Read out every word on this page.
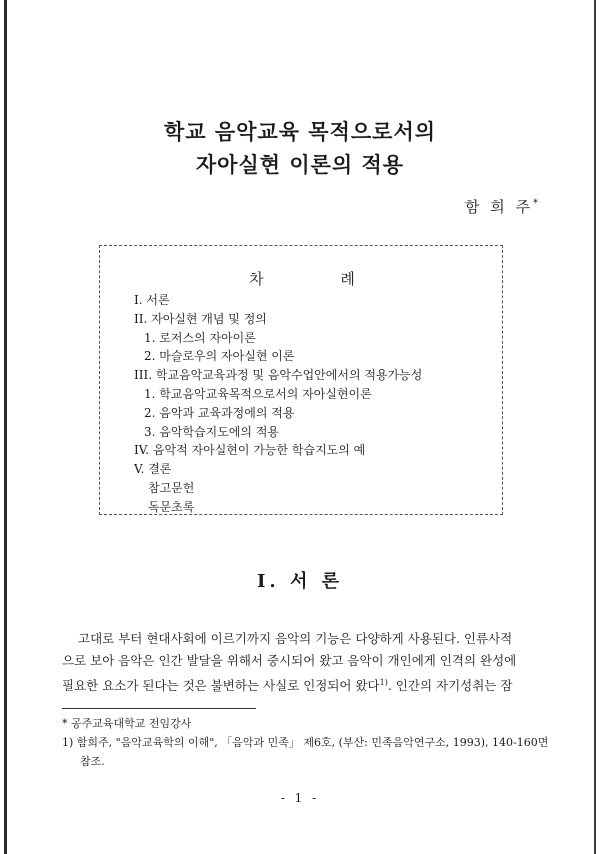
학교 음악교육 목적으로서의
자아실현 이론의 적용
함 희 주*
차 례
I. 서론
II. 자아실현 개념 및 정의
1. 로저스의 자아이론
2. 마슬로우의 자아실현 이론
III. 학교음악교육과정 및 음악수업안에서의 적용가능성
1. 학교음악교육목적으로서의 자아실현이론
2. 음악과 교육과정에의 적용
3. 음악학습지도에의 적용
IV. 음악적 자아실현이 가능한 학습지도의 예
V. 결론
참고문헌
독문초록
I. 서 론
고대로 부터 현대사회에 이르기까지 음악의 기능은 다양하게 사용된다. 인류사적
으로 보아 음악은 인간 발달을 위해서 중시되어 왔고 음악이 개인에게 인격의 완성에
필요한 요소가 된다는 것은 불변하는 사실로 인정되어 왔다$^{1)}$. 인간의 자기성취는 잠
* 공주교육대학교 전임강사
1) 함희주, "음악교육학의 이해", 「음악과 민족」 제6호, (부산: 민족음악연구소, 1993), 140-160면
참조.
- 1 -
